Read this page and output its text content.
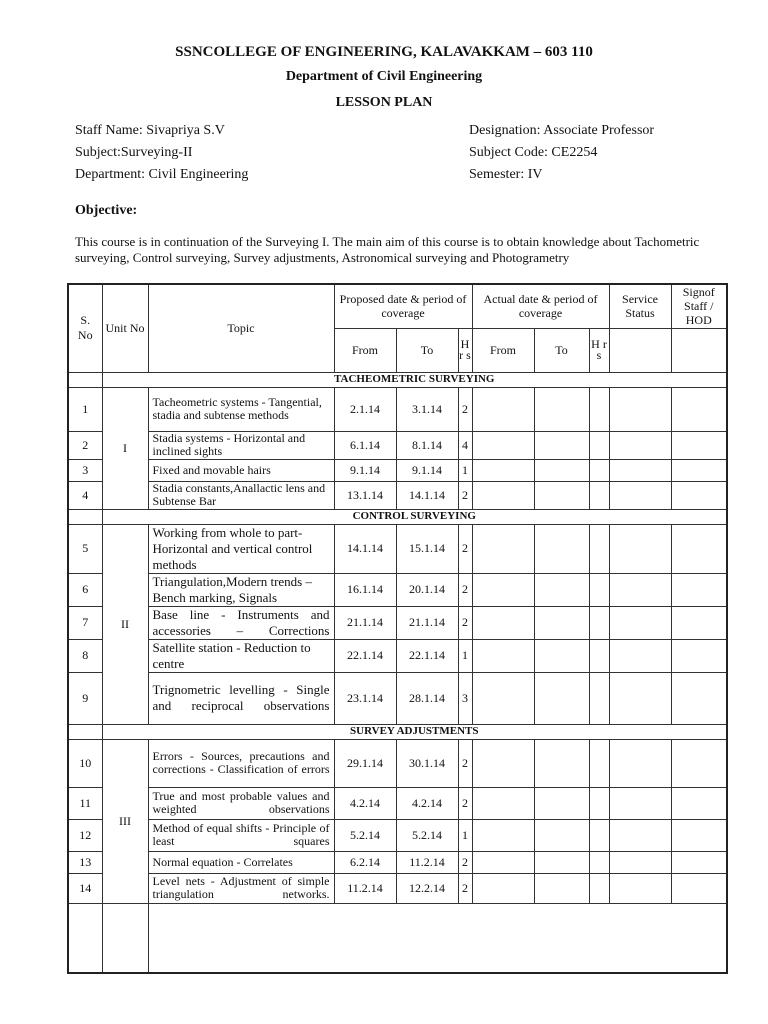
SSNCOLLEGE OF ENGINEERING, KALAVAKKAM – 603 110
Department of Civil Engineering
LESSON PLAN
Staff Name: Sivapriya S.V
Subject:Surveying-II
Department: Civil Engineering
Designation: Associate Professor
Subject Code: CE2254
Semester: IV
Objective:
This course is in continuation of the Surveying I. The main aim of this course is to obtain knowledge about Tachometric surveying, Control surveying, Survey adjustments, Astronomical surveying and Photogrametry
S. No	Unit No	Topic	Proposed date & period of coverage			Actual date & period of coverage			Service Status	Signof Staff / HOD
			From	To	H r s	From	To	H r s		
	TACHEOMETRIC SURVEYING									
1	I	Tacheometric systems - Tangential, stadia and subtense methods	2.1.14	3.1.14	2					
2		Stadia systems - Horizontal and inclined sights	6.1.14	8.1.14	4					
3		Fixed and movable hairs	9.1.14	9.1.14	1					
4		Stadia constants,Anallactic lens and Subtense Bar	13.1.14	14.1.14	2					
	CONTROL SURVEYING									
5	II	Working from whole to part- Horizontal and vertical control methods	14.1.14	15.1.14	2					
6		Triangulation,Modern trends – Bench marking, Signals	16.1.14	20.1.14	2					
7		Base line - Instruments and accessories – Corrections	21.1.14	21.1.14	2					
8		Satellite station - Reduction to centre	22.1.14	22.1.14	1					
9		Trignometric levelling - Single and reciprocal observations	23.1.14	28.1.14	3					
	SURVEY ADJUSTMENTS									
10	III	Errors - Sources, precautions and corrections - Classification of errors	29.1.14	30.1.14	2					
11		True and most probable values and weighted observations	4.2.14	4.2.14	2					
12		Method of equal shifts - Principle of least squares	5.2.14	5.2.14	1					
13		Normal equation - Correlates	6.2.14	11.2.14	2					
14		Level nets - Adjustment of simple triangulation networks.	11.2.14	12.2.14	2					
